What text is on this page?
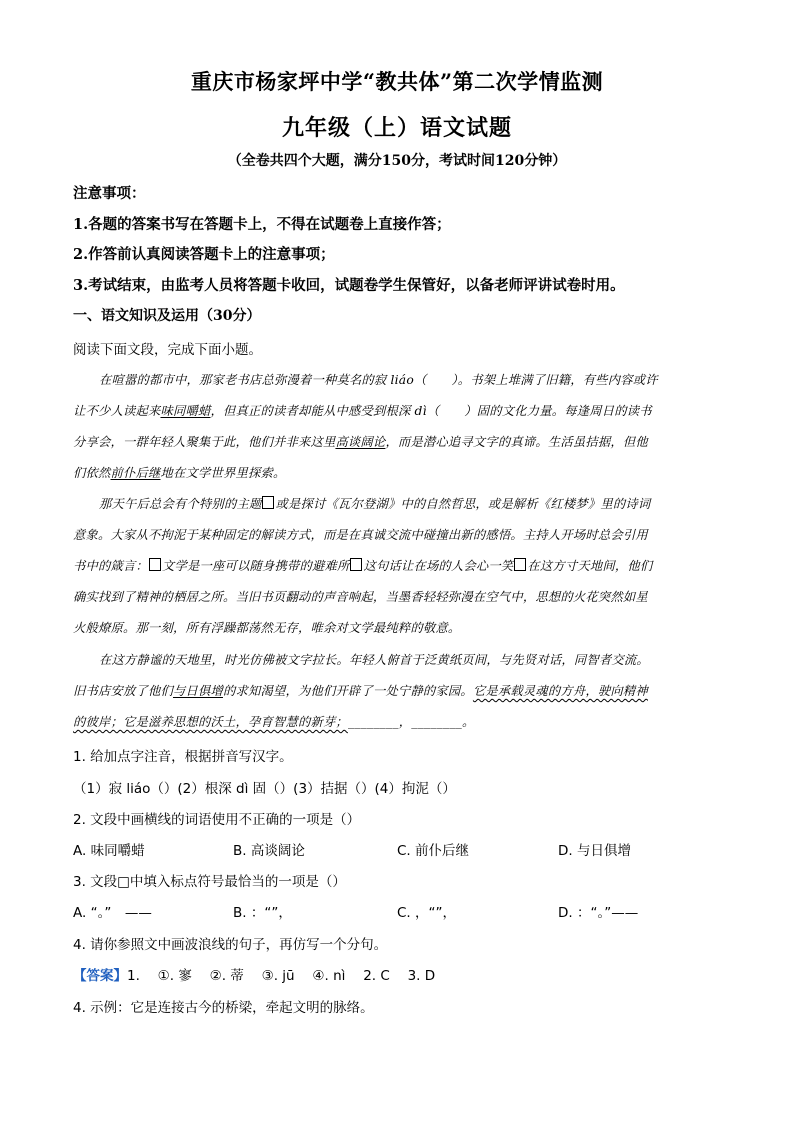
重庆市杨家坪中学“教共体”第二次学情监测
九年级（上）语文试题
（全卷共四个大题，满分150分，考试时间120分钟）
注意事项：
1.各题的答案书写在答题卡上，不得在试题卷上直接作答；
2.作答前认真阅读答题卡上的注意事项；
3.考试结束，由监考人员将答题卡收回，试题卷学生保管好，以备老师评讲试卷时用。
一、语文知识及运用（30分）
阅读下面文段，完成下面小题。
在喧嚣的都市中，那家老书店总弥漫着一种莫名的寂 liáo（　　）。书架上堆满了旧籍，有些内容或许
让不少人读起来味同嚼蜡，但真正的读者却能从中感受到根深 dì（　　）固的文化力量。每逢周日的读书
分享会，一群年轻人聚集于此，他们并非来这里高谈阔论，而是潜心追寻文字的真谛。生活虽拮据，但他
们依然前仆后继地在文学世界里探索。
那天午后总会有个特别的主题 或是探讨《瓦尔登湖》中的自然哲思，或是解析《红楼梦》里的诗词
意象。大家从不拘泥于某种固定的解读方式，而是在真诚交流中碰撞出新的感悟。主持人开场时总会引用
书中的箴言： 文学是一座可以随身携带的避难所 这句话让在场的人会心一笑 在这方寸天地间，他们
确实找到了精神的栖居之所。当旧书页翻动的声音响起，当墨香轻轻弥漫在空气中，思想的火花突然如星
火般燎原。那一刻，所有浮躁都荡然无存，唯余对文学最纯粹的敬意。
在这方静谧的天地里，时光仿佛被文字拉长。年轻人俯首于泛黄纸页间，与先贤对话，同智者交流。
旧书店安放了他们与日俱增的求知渴望，为他们开辟了一处宁静的家园。它是承载灵魂的方舟，驶向精神
的彼岸；它是滋养思想的沃土，孕育智慧的新芽；________，________。
1. 给加点字注音，根据拼音写汉字。
（1）寂 liáo（）(2）根深 dì 固（）(3）拮据（）(4）拘泥（）
2. 文段中画横线的词语使用不正确的一项是（）
A. 味同嚼蜡	B. 高谈阔论	C. 前仆后继	D. 与日俱增
3. 文段□中填入标点符号最恰当的一项是（）
A. “。”　——	B. ：“”，	C. ，“”，	D. ：“。”——
4. 请你参照文中画波浪线的句子，再仿写一个分句。
【答案】1.　 ①. 寥　 ②. 蒂　 ③. jū　 ④. nì　 2. C　 3. D
4. 示例：它是连接古今的桥梁，牵起文明的脉络。
